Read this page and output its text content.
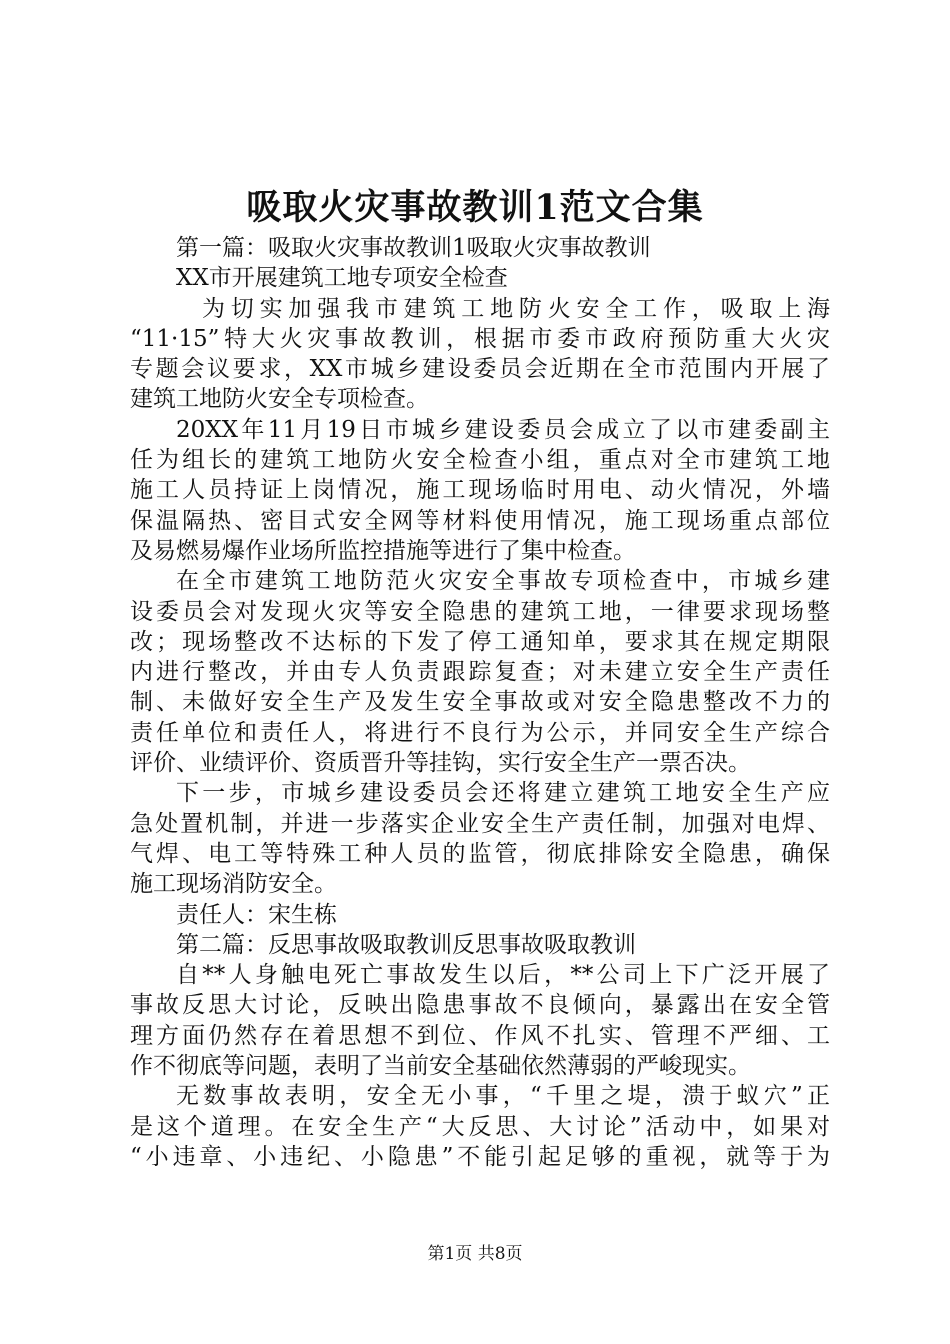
吸取火灾事故教训1范文合集
第一篇：吸取火灾事故教训1吸取火灾事故教训
XX市开展建筑工地专项安全检查
为切实加强我市建筑工地防火安全工作，吸取上海
“11·15”特大火灾事故教训，根据市委市政府预防重大火灾
专题会议要求，XX市城乡建设委员会近期在全市范围内开展了
建筑工地防火安全专项检查。
20XX年11月19日市城乡建设委员会成立了以市建委副主
任为组长的建筑工地防火安全检查小组，重点对全市建筑工地
施工人员持证上岗情况，施工现场临时用电、动火情况，外墙
保温隔热、密目式安全网等材料使用情况，施工现场重点部位
及易燃易爆作业场所监控措施等进行了集中检查。
在全市建筑工地防范火灾安全事故专项检查中，市城乡建
设委员会对发现火灾等安全隐患的建筑工地，一律要求现场整
改；现场整改不达标的下发了停工通知单，要求其在规定期限
内进行整改，并由专人负责跟踪复查；对未建立安全生产责任
制、未做好安全生产及发生安全事故或对安全隐患整改不力的
责任单位和责任人，将进行不良行为公示，并同安全生产综合
评价、业绩评价、资质晋升等挂钩，实行安全生产一票否决。
下一步，市城乡建设委员会还将建立建筑工地安全生产应
急处置机制，并进一步落实企业安全生产责任制，加强对电焊、
气焊、电工等特殊工种人员的监管，彻底排除安全隐患，确保
施工现场消防安全。
责任人：宋生栋
第二篇：反思事故吸取教训反思事故吸取教训
自**人身触电死亡事故发生以后，**公司上下广泛开展了
事故反思大讨论，反映出隐患事故不良倾向，暴露出在安全管
理方面仍然存在着思想不到位、作风不扎实、管理不严细、工
作不彻底等问题，表明了当前安全基础依然薄弱的严峻现实。
无数事故表明，安全无小事，“千里之堤，溃于蚁穴”正
是这个道理。在安全生产“大反思、大讨论”活动中，如果对
“小违章、小违纪、小隐患”不能引起足够的重视，就等于为
第1页 共8页
